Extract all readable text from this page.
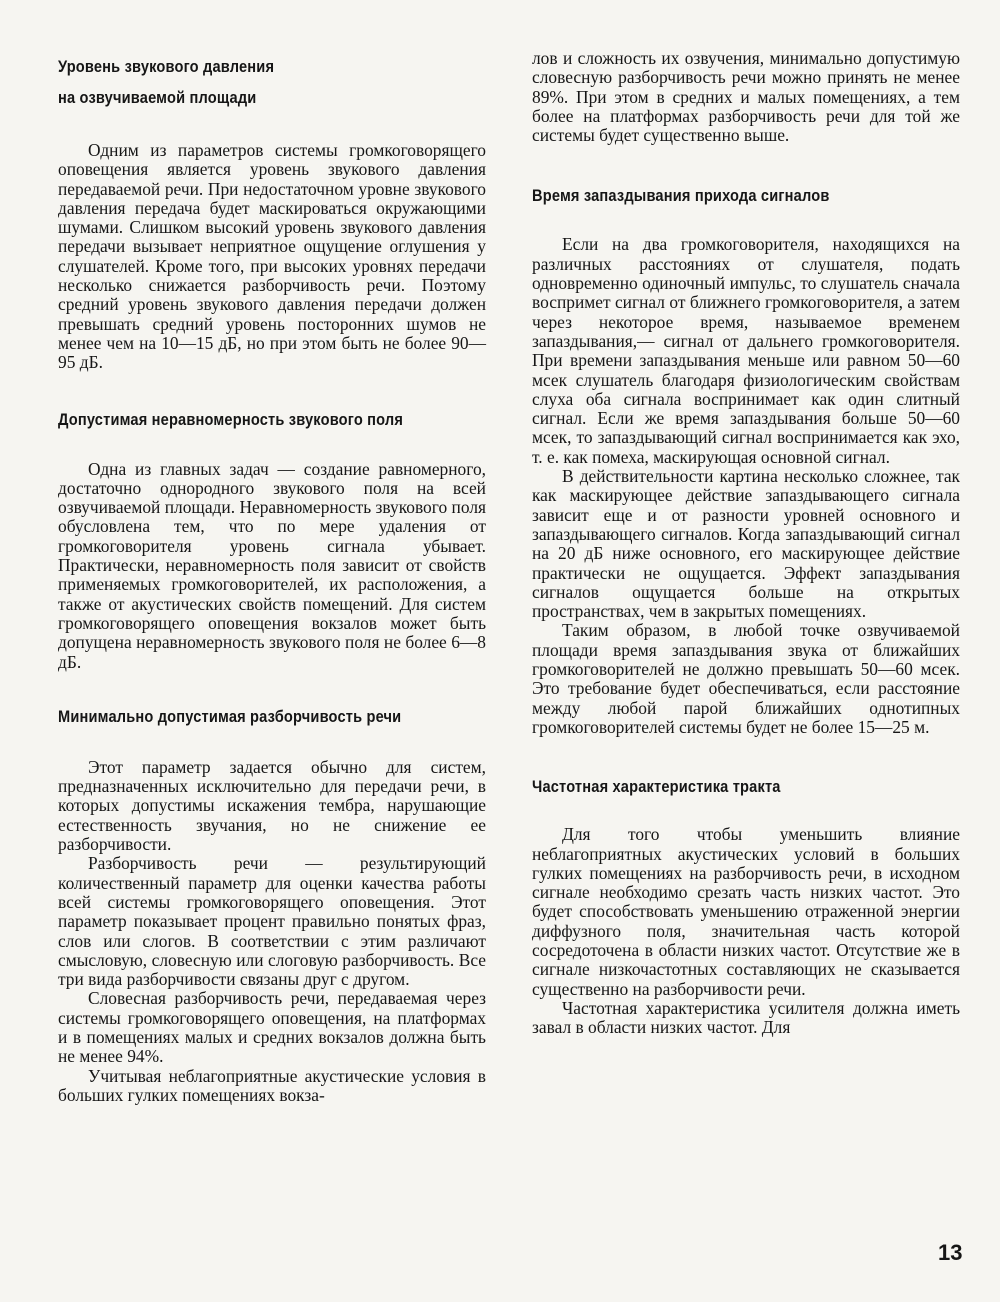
Уровень звукового давления
на озвучиваемой площади

Одним из параметров системы громкоговорящего оповещения является уровень звукового давления передаваемой речи. При недостаточном уровне звукового давления передача будет маскироваться окружающими шумами. Слишком высокий уровень звукового давления передачи вызывает неприятное ощущение оглушения у слушателей. Кроме того, при высоких уровнях передачи несколько снижается разборчивость речи. Поэтому средний уровень звукового давления передачи должен превышать средний уровень посторонних шумов не менее чем на 10—15 дБ, но при этом быть не более 90—95 дБ.

Допустимая неравномерность звукового поля

Одна из главных задач — создание равномерного, достаточно однородного звукового поля на всей озвучиваемой площади. Неравномерность звукового поля обусловлена тем, что по мере удаления от громкоговорителя уровень сигнала убывает. Практически, неравномерность поля зависит от свойств применяемых громкоговорителей, их расположения, а также от акустических свойств помещений. Для систем громкоговорящего оповещения вокзалов может быть допущена неравномерность звукового поля не более 6—8 дБ.

Минимально допустимая разборчивость речи

Этот параметр задается обычно для систем, предназначенных исключительно для передачи речи, в которых допустимы искажения тембра, нарушающие естественность звучания, но не снижение ее разборчивости.

Разборчивость речи — результирующий количественный параметр для оценки качества работы всей системы громкоговорящего оповещения. Этот параметр показывает процент правильно понятых фраз, слов или слогов. В соответствии с этим различают смысловую, словесную или слоговую разборчивость. Все три вида разборчивости связаны друг с другом.

Словесная разборчивость речи, передаваемая через системы громкоговорящего оповещения, на платформах и в помещениях малых и средних вокзалов должна быть не менее 94%.

Учитывая неблагоприятные акустические условия в больших гулких помещениях вокза-

лов и сложность их озвучения, минимально допустимую словесную разборчивость речи можно принять не менее 89%. При этом в средних и малых помещениях, а тем более на платформах разборчивость речи для той же системы будет существенно выше.

Время запаздывания прихода сигналов

Если на два громкоговорителя, находящихся на различных расстояниях от слушателя, подать одновременно одиночный импульс, то слушатель сначала воспримет сигнал от ближнего громкоговорителя, а затем через некоторое время, называемое временем запаздывания,— сигнал от дальнего громкоговорителя. При времени запаздывания меньше или равном 50—60 мсек слушатель благодаря физиологическим свойствам слуха оба сигнала воспринимает как один слитный сигнал. Если же время запаздывания больше 50—60 мсек, то запаздывающий сигнал воспринимается как эхо, т. е. как помеха, маскирующая основной сигнал.

В действительности картина несколько сложнее, так как маскирующее действие запаздывающего сигнала зависит еще и от разности уровней основного и запаздывающего сигналов. Когда запаздывающий сигнал на 20 дБ ниже основного, его маскирующее действие практически не ощущается. Эффект запаздывания сигналов ощущается больше на открытых пространствах, чем в закрытых помещениях.

Таким образом, в любой точке озвучиваемой площади время запаздывания звука от ближайших громкоговорителей не должно превышать 50—60 мсек. Это требование будет обеспечиваться, если расстояние между любой парой ближайших однотипных громкоговорителей системы будет не более 15—25 м.

Частотная характеристика тракта

Для того чтобы уменьшить влияние неблагоприятных акустических условий в больших гулких помещениях на разборчивость речи, в исходном сигнале необходимо срезать часть низких частот. Это будет способствовать уменьшению отраженной энергии диффузного поля, значительная часть которой сосредоточена в области низких частот. Отсутствие же в сигнале низкочастотных составляющих не сказывается существенно на разборчивости речи.

Частотная характеристика усилителя должна иметь завал в области низких частот. Для

13
